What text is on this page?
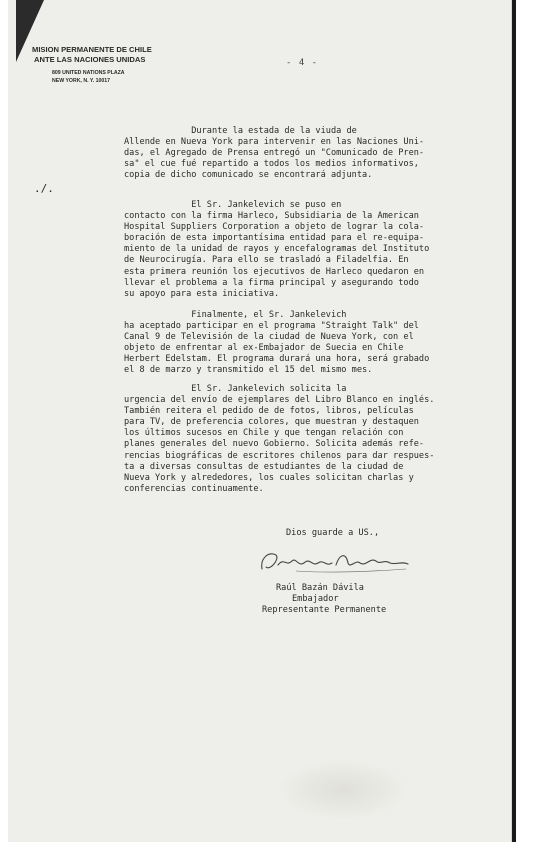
MISION PERMANENTE DE CHILE
ANTE LAS NACIONES UNIDAS
809 UNITED NATIONS PLAZA
NEW YORK, N. Y. 10017
- 4 -
./.
Durante la estada de la viuda de
Allende en Nueva York para intervenir en las Naciones Uni-
das, el Agregado de Prensa entregó un "Comunicado de Pren-
sa" el cue fué repartido a todos los medios informativos,
copia de dicho comunicado se encontrará adjunta.
El Sr. Jankelevich se puso en
contacto con la firma Harleco, Subsidiaria de la American
Hospital Suppliers Corporation a objeto de lograr la cola-
boración de esta importantísima entidad para el re-equipa-
miento de la unidad de rayos y encefalogramas del Instituto
de Neurocirugía. Para ello se trasladó a Filadelfia. En
esta primera reunión los ejecutivos de Harleco quedaron en
llevar el problema a la firma principal y asegurando todo
su apoyo para esta iniciativa.
Finalmente, el Sr. Jankelevich
ha aceptado participar en el programa "Straight Talk" del
Canal 9 de Televisión de la ciudad de Nueva York, con el
objeto de enfrentar al ex-Embajador de Suecia en Chile
Herbert Edelstam. El programa durará una hora, será grabado
el 8 de marzo y transmitido el 15 del mismo mes.
El Sr. Jankelevich solicita la
urgencia del envío de ejemplares del Libro Blanco en inglés.
También reitera el pedido de de fotos, libros, películas
para TV, de preferencia colores, que muestran y destaquen
los últimos sucesos en Chile y que tengan relación con
planes generales del nuevo Gobierno. Solicita además refe-
rencias biográficas de escritores chilenos para dar respues-
ta a diversas consultas de estudiantes de la ciudad de
Nueva York y alrededores, los cuales solicitan charlas y
conferencias continuamente.
Dios guarde a US.,
Raúl Bazán Dávila
Embajador
Representante Permanente
